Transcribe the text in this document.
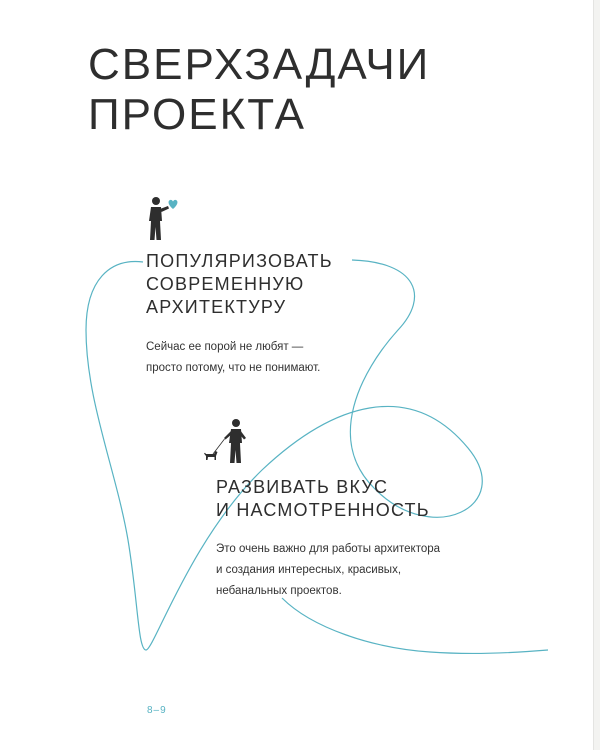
СВЕРХЗАДАЧИ
ПРОЕКТА
ПОПУЛЯРИЗОВАТЬ
СОВРЕМЕННУЮ
АРХИТЕКТУРУ

Сейчас ее порой не любят —
просто потому, что не понимают.

РАЗВИВАТЬ ВКУС
И НАСМОТРЕННОСТЬ

Это очень важно для работы архитектора
и создания интересных, красивых,
небанальных проектов.

8–9
